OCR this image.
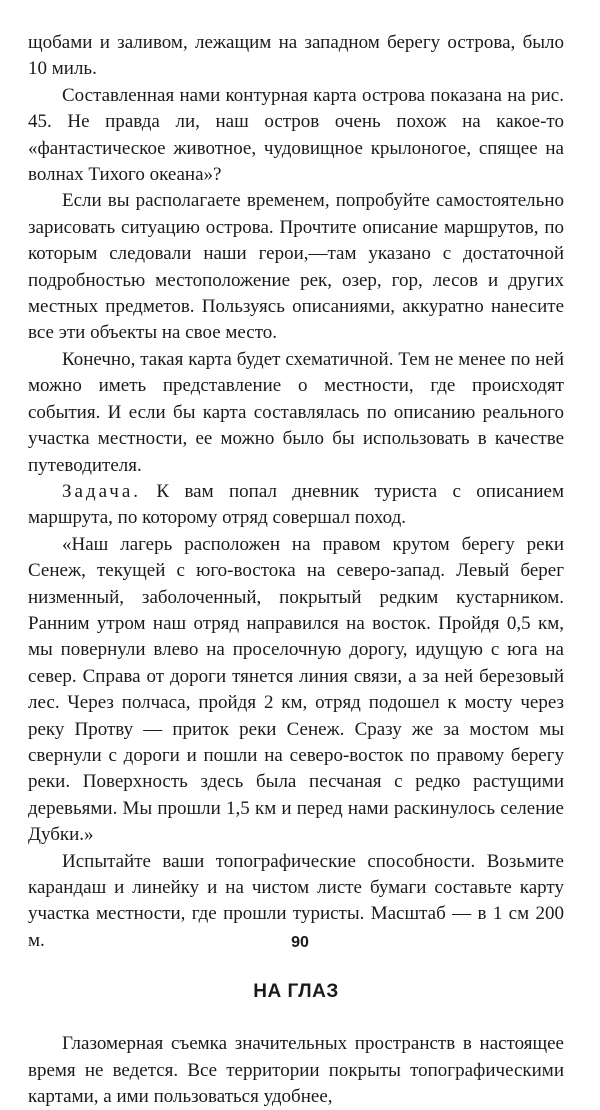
щобами и заливом, лежащим на западном берегу острова, было 10 миль.

Составленная нами контурная карта острова показана на рис. 45. Не правда ли, наш остров очень похож на какое-то «фантастическое животное, чудовищное крылоногое, спящее на волнах Тихого океана»?

Если вы располагаете временем, попробуйте самостоятельно зарисовать ситуацию острова. Прочтите описание маршрутов, по которым следовали наши герои,—там указано с достаточной подробностью местоположение рек, озер, гор, лесов и других местных предметов. Пользуясь описаниями, аккуратно нанесите все эти объекты на свое место.

Конечно, такая карта будет схематичной. Тем не менее по ней можно иметь представление о местности, где происходят события. И если бы карта составлялась по описанию реального участка местности, ее можно было бы использовать в качестве путеводителя.

Задача. К вам попал дневник туриста с описанием маршрута, по которому отряд совершал поход.

«Наш лагерь расположен на правом крутом берегу реки Сенеж, текущей с юго-востока на северо-запад. Левый берег низменный, заболоченный, покрытый редким кустарником. Ранним утром наш отряд направился на восток. Пройдя 0,5 км, мы повернули влево на проселочную дорогу, идущую с юга на север. Справа от дороги тянется линия связи, а за ней березовый лес. Через полчаса, пройдя 2 км, отряд подошел к мосту через реку Протву — приток реки Сенеж. Сразу же за мостом мы свернули с дороги и пошли на северо-восток по правому берегу реки. Поверхность здесь была песчаная с редко растущими деревьями. Мы прошли 1,5 км и перед нами раскинулось селение Дубки.»

Испытайте ваши топографические способности. Возьмите карандаш и линейку и на чистом листе бумаги составьте карту участка местности, где прошли туристы. Масштаб — в 1 см 200 м.

НА ГЛАЗ

Глазомерная съемка значительных пространств в настоящее время не ведется. Все территории покрыты топографическими картами, а ими пользоваться удобнее,

90
